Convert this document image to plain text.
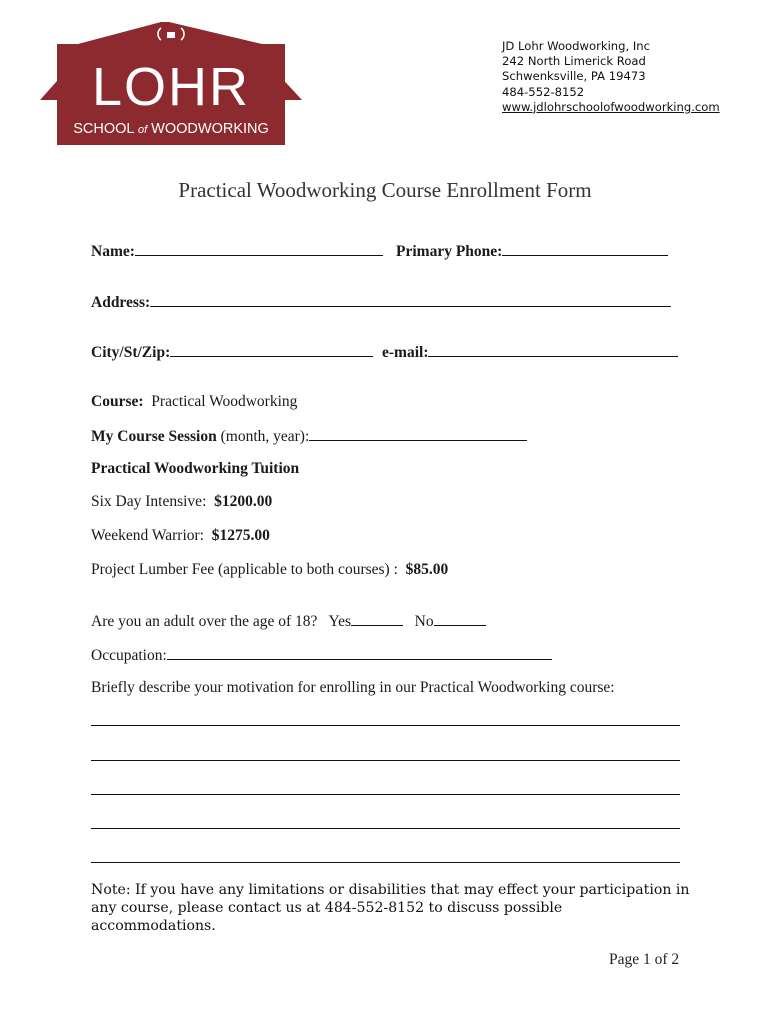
LOHR
SCHOOL of WOODWORKING
JD Lohr Woodworking, Inc
242 North Limerick Road
Schwenksville, PA 19473
484-552-8152
www.jdlohrschoolofwoodworking.com
Practical Woodworking Course Enrollment Form
Name:	Primary Phone:
Address:
City/St/Zip:	e-mail:
Course: Practical Woodworking
My Course Session (month, year):
Practical Woodworking Tuition
Six Day Intensive: $1200.00
Weekend Warrior: $1275.00
Project Lumber Fee (applicable to both courses) : $85.00
Are you an adult over the age of 18? Yes	No
Occupation:
Briefly describe your motivation for enrolling in our Practical Woodworking course:
Note: If you have any limitations or disabilities that may effect your participation in any course, please contact us at 484-552-8152 to discuss possible accommodations.
Page 1 of 2
